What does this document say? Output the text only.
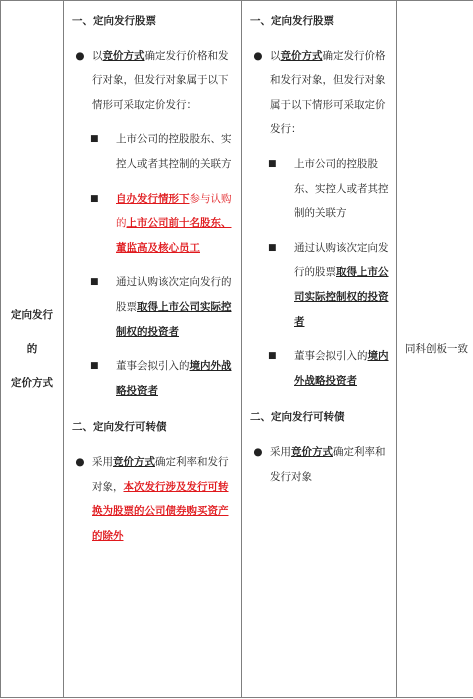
定向发行
的
定价方式

一、定向发行股票
● 以竞价方式确定发行价格和发行对象，但发行对象属于以下情形可采取定价发行：
■	上市公司的控股股东、实控人或者其控制的关联方
■	自办发行情形下参与认购的上市公司前十名股东、董监高及核心员工
■	通过认购该次定向发行的股票取得上市公司实际控制权的投资者
■	董事会拟引入的境内外战略投资者
二、定向发行可转债
● 采用竞价方式确定利率和发行对象，本次发行涉及发行可转换为股票的公司债券购买资产的除外

一、定向发行股票
● 以竞价方式确定发行价格和发行对象，但发行对象属于以下情形可采取定价发行：
■	上市公司的控股股东、实控人或者其控制的关联方
■	通过认购该次定向发行的股票取得上市公司实际控制权的投资者
■	董事会拟引入的境内外战略投资者
二、定向发行可转债
● 采用竞价方式确定利率和发行对象

同科创板一致
